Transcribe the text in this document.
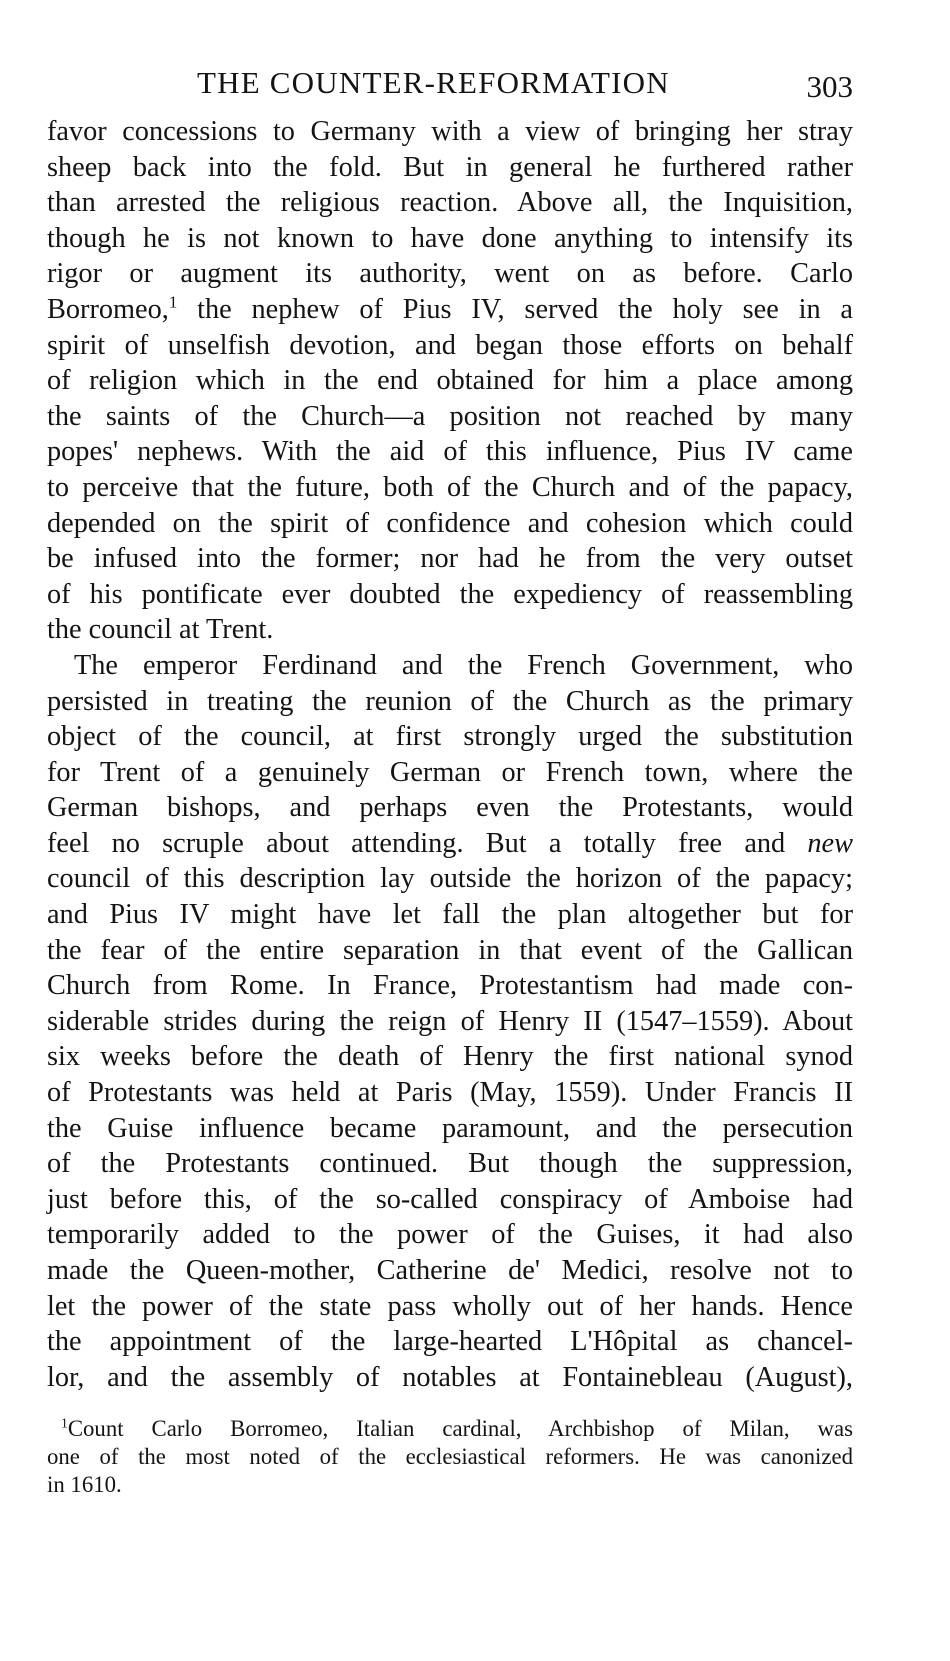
THE COUNTER-REFORMATION	303

favor concessions to Germany with a view of bringing her stray
sheep back into the fold. But in general he furthered rather
than arrested the religious reaction. Above all, the Inquisition,
though he is not known to have done anything to intensify its
rigor or augment its authority, went on as before. Carlo
Borromeo,$^1$ the nephew of Pius IV, served the holy see in a
spirit of unselfish devotion, and began those efforts on behalf
of religion which in the end obtained for him a place among
the saints of the Church—a position not reached by many
popes' nephews. With the aid of this influence, Pius IV came
to perceive that the future, both of the Church and of the papacy,
depended on the spirit of confidence and cohesion which could
be infused into the former; nor had he from the very outset
of his pontificate ever doubted the expediency of reassembling
the council at Trent.

The emperor Ferdinand and the French Government, who
persisted in treating the reunion of the Church as the primary
object of the council, at first strongly urged the substitution
for Trent of a genuinely German or French town, where the
German bishops, and perhaps even the Protestants, would
feel no scruple about attending. But a totally free and new
council of this description lay outside the horizon of the papacy;
and Pius IV might have let fall the plan altogether but for
the fear of the entire separation in that event of the Gallican
Church from Rome. In France, Protestantism had made con-
siderable strides during the reign of Henry II (1547–1559). About
six weeks before the death of Henry the first national synod
of Protestants was held at Paris (May, 1559). Under Francis II
the Guise influence became paramount, and the persecution
of the Protestants continued. But though the suppression,
just before this, of the so-called conspiracy of Amboise had
temporarily added to the power of the Guises, it had also
made the Queen-mother, Catherine de' Medici, resolve not to
let the power of the state pass wholly out of her hands. Hence
the appointment of the large-hearted L'Hôpital as chancel-
lor, and the assembly of notables at Fontainebleau (August),

$^1$Count Carlo Borromeo, Italian cardinal, Archbishop of Milan, was
one of the most noted of the ecclesiastical reformers. He was canonized
in 1610.
